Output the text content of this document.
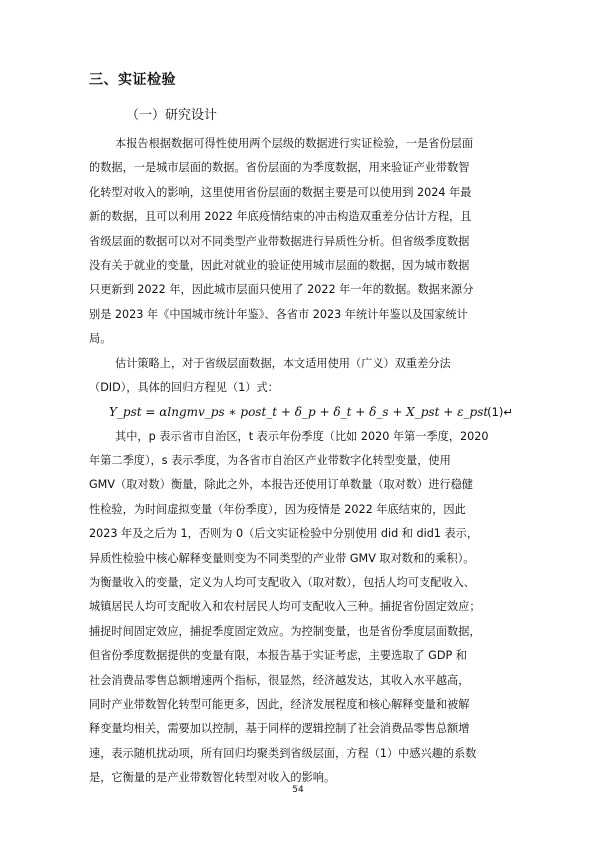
三、实证检验
（一）研究设计
本报告根据数据可得性使用两个层级的数据进行实证检验，一是省份层面
的数据，一是城市层面的数据。省份层面的为季度数据，用来验证产业带数智
化转型对收入的影响，这里使用省份层面的数据主要是可以使用到 2024 年最
新的数据，且可以利用 2022 年底疫情结束的冲击构造双重差分估计方程，且
省级层面的数据可以对不同类型产业带数据进行异质性分析。但省级季度数据
没有关于就业的变量，因此对就业的验证使用城市层面的数据，因为城市数据
只更新到 2022 年，因此城市层面只使用了 2022 年一年的数据。数据来源分
别是 2023 年《中国城市统计年鉴》、各省市 2023 年统计年鉴以及国家统计
局。
估计策略上，对于省级层面数据，本文适用使用（广义）双重差分法
（DID），具体的回归方程见（1）式：
Y_pst = αlngmv_ps ∗ post_t + δ_p + δ_t + δ_s + X_pst + ε_pst
(1)↵
其中，p 表示省市自治区，t 表示年份季度（比如 2020 年第一季度，2020
年第二季度），s 表示季度，为各省市自治区产业带数字化转型变量，使用
GMV（取对数）衡量，除此之外，本报告还使用订单数量（取对数）进行稳健
性检验，为时间虚拟变量（年份季度），因为疫情是 2022 年底结束的，因此
2023 年及之后为 1，否则为 0（后文实证检验中分别使用 did 和 did1 表示，
异质性检验中核心解释变量则变为不同类型的产业带 GMV 取对数和的乘积）。
为衡量收入的变量，定义为人均可支配收入（取对数），包括人均可支配收入、
城镇居民人均可支配收入和农村居民人均可支配收入三种。捕捉省份固定效应；
捕捉时间固定效应，捕捉季度固定效应。为控制变量，也是省份季度层面数据，
但省份季度数据提供的变量有限，本报告基于实证考虑，主要选取了 GDP 和
社会消费品零售总额增速两个指标，很显然，经济越发达，其收入水平越高，
同时产业带数智化转型可能更多，因此，经济发展程度和核心解释变量和被解
释变量均相关，需要加以控制，基于同样的逻辑控制了社会消费品零售总额增
速，表示随机扰动项，所有回归均聚类到省级层面，方程（1）中感兴趣的系数
是，它衡量的是产业带数智化转型对收入的影响。
54
